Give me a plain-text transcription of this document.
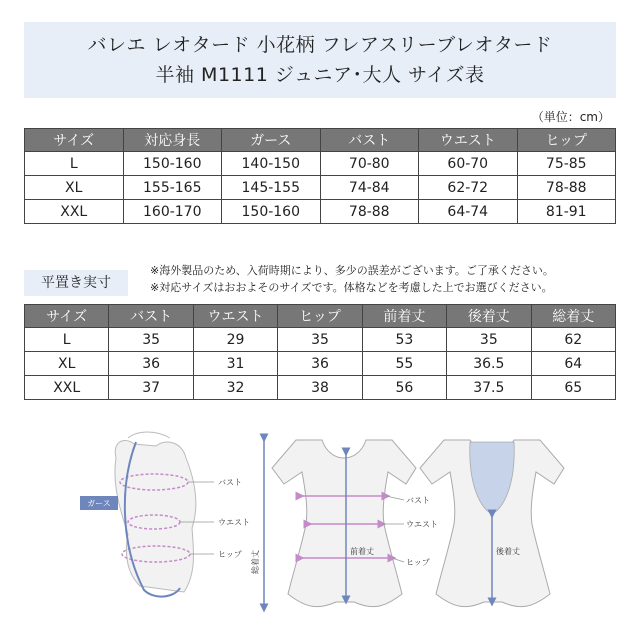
バレエ レオタード 小花柄 フレアスリーブレオタード
半袖 M1111 ジュニア･大人 サイズ表
（単位：cm）
サイズ	対応身長	ガース	バスト	ウエスト	ヒップ
L	150-160	140-150	70-80	60-70	75-85
XL	155-165	145-155	74-84	62-72	78-88
XXL	160-170	150-160	78-88	64-74	81-91
平置き実寸
※海外製品のため、入荷時期により、多少の誤差がございます。ご了承ください。
※対応サイズはおおよそのサイズです。体格などを考慮した上でお選びください。
サイズ	バスト	ウエスト	ヒップ	前着丈	後着丈	総着丈
L	35	29	35	53	35	62
XL	36	31	36	55	36.5	64
XXL	37	32	38	56	37.5	65
ガース
バスト
ウエスト
ヒップ 総着丈	前着丈
バスト
ウエスト
ヒップ
後着丈
